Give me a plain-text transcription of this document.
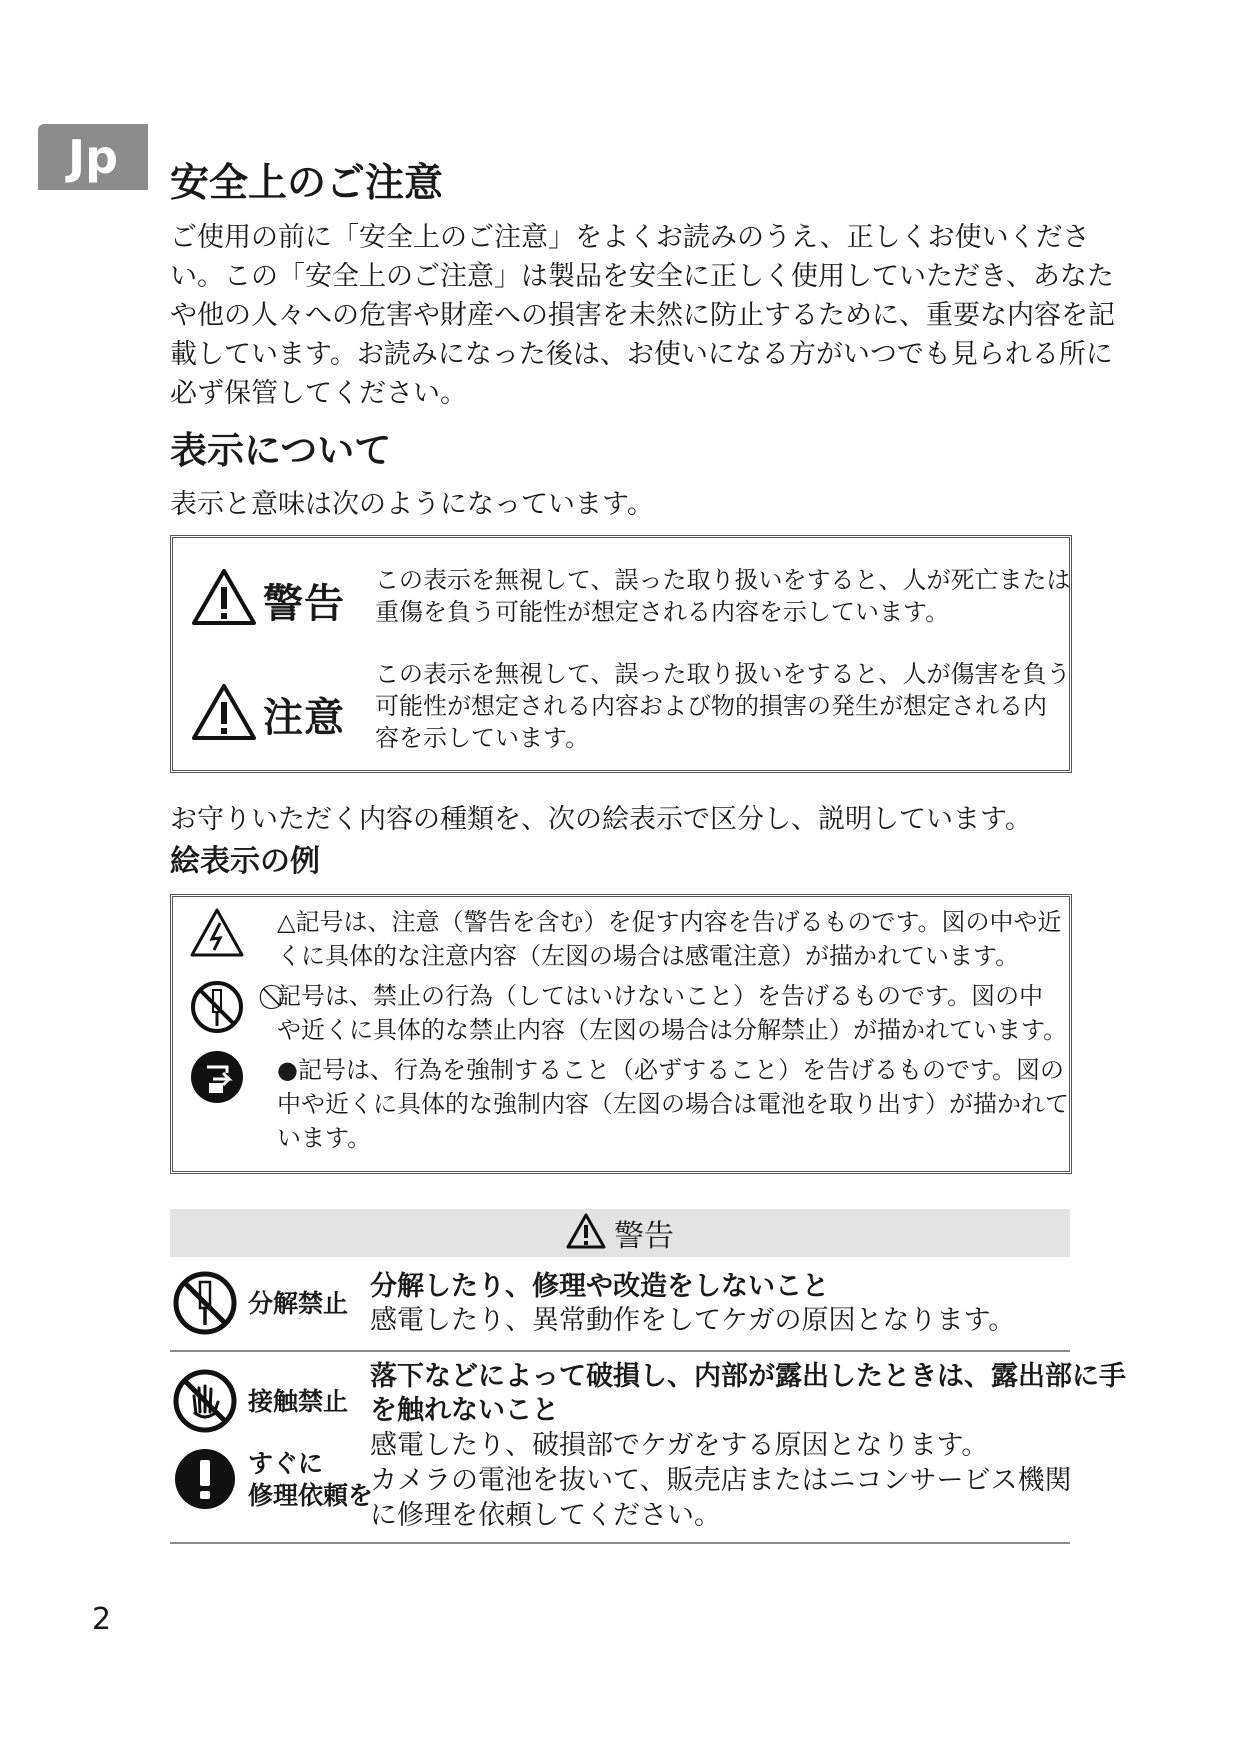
Jp	安全上のご注意

ご使用の前に「安全上のご注意」をよくお読みのうえ、正しくお使いくださ
い。この「安全上のご注意」は製品を安全に正しく使用していただき、あなた
や他の人々への危害や財産への損害を未然に防止するために、重要な内容を記
載しています。お読みになった後は、お使いになる方がいつでも見られる所に
必ず保管してください。

表示について

表示と意味は次のようになっています。

警告
この表示を無視して、誤った取り扱いをすると、人が死亡または
重傷を負う可能性が想定される内容を示しています。
注意
この表示を無視して、誤った取り扱いをすると、人が傷害を負う
可能性が想定される内容および物的損害の発生が想定される内
容を示しています。

お守りいただく内容の種類を、次の絵表示で区分し、説明しています。

絵表示の例
△記号は、注意（警告を含む）を促す内容を告げるものです。図の中や近
くに具体的な注意内容（左図の場合は感電注意）が描かれています。
⃠記号は、禁止の行為（してはいけないこと）を告げるものです。図の中
や近くに具体的な禁止内容（左図の場合は分解禁止）が描かれています。
●記号は、行為を強制すること（必ずすること）を告げるものです。図の
中や近くに具体的な強制内容（左図の場合は電池を取り出す）が描かれて
います。
警告
分解禁止
分解したり、修理や改造をしないこと
感電したり、異常動作をしてケガの原因となります。
接触禁止
すぐに
修理依頼を
落下などによって破損し、内部が露出したときは、露出部に手
を触れないこと
感電したり、破損部でケガをする原因となります。
カメラの電池を抜いて、販売店またはニコンサービス機関
に修理を依頼してください。
2
